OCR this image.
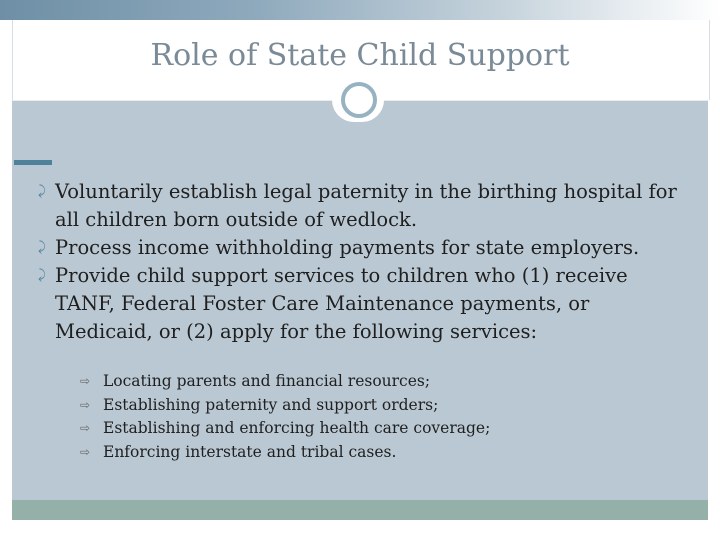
Role of State Child Support
⤸ Voluntarily establish legal paternity in the birthing hospital for all children born outside of wedlock.
⤸ Process income withholding payments for state employers.
⤸ Provide child support services to children who (1) receive TANF, Federal Foster Care Maintenance payments, or Medicaid, or (2) apply for the following services:
⇨ Locating parents and financial resources;
⇨ Establishing paternity and support orders;
⇨ Establishing and enforcing health care coverage;
⇨ Enforcing interstate and tribal cases.
